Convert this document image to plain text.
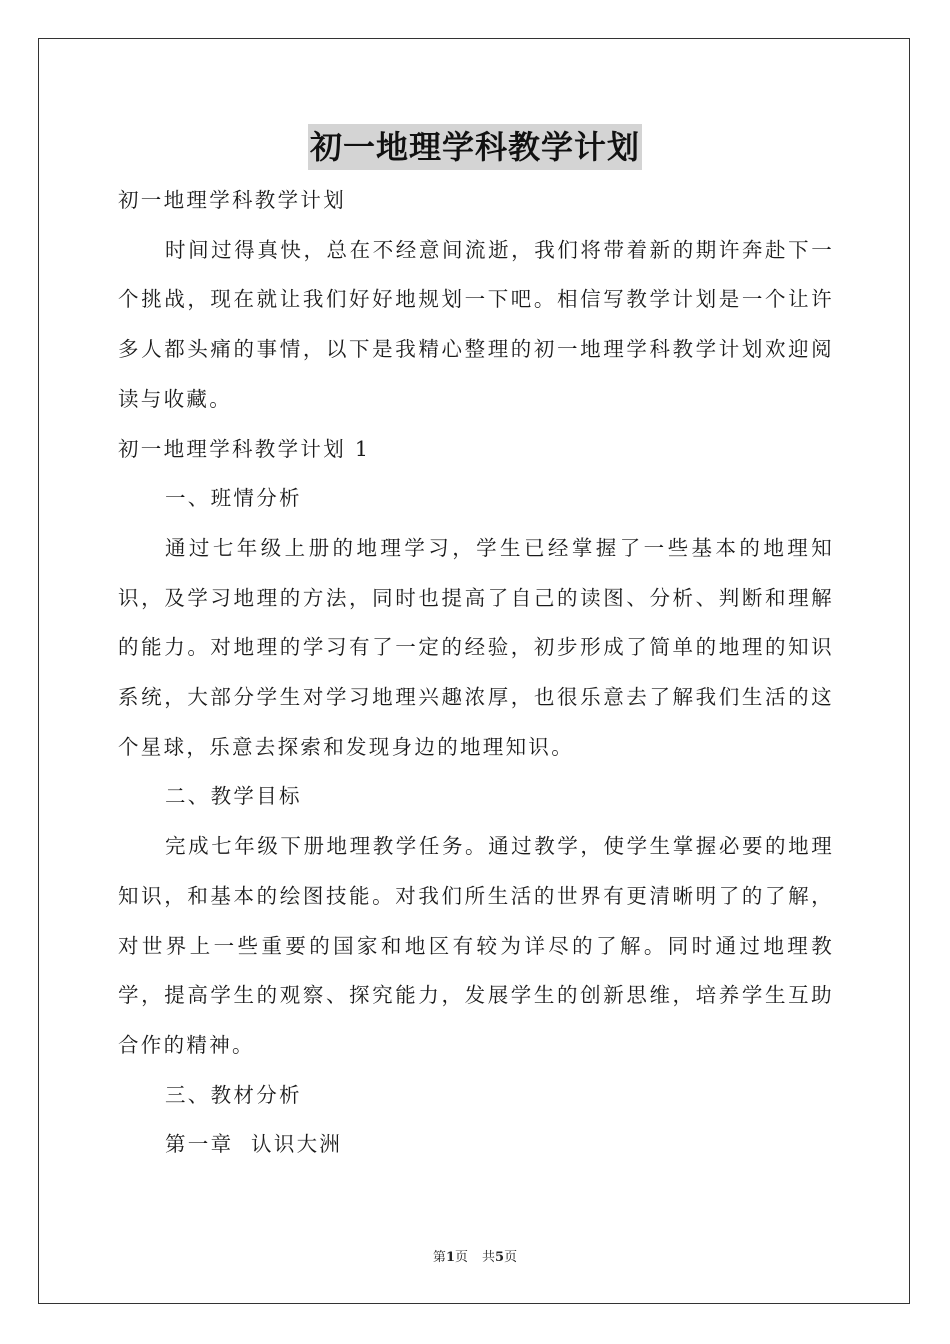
初一地理学科教学计划

初一地理学科教学计划

时间过得真快，总在不经意间流逝，我们将带着新的期许奔赴下一个挑战，现在就让我们好好地规划一下吧。相信写教学计划是一个让许多人都头痛的事情，以下是我精心整理的初一地理学科教学计划欢迎阅读与收藏。

初一地理学科教学计划 1

一、班情分析

通过七年级上册的地理学习，学生已经掌握了一些基本的地理知识，及学习地理的方法，同时也提高了自己的读图、分析、判断和理解的能力。对地理的学习有了一定的经验，初步形成了简单的地理的知识系统，大部分学生对学习地理兴趣浓厚，也很乐意去了解我们生活的这个星球，乐意去探索和发现身边的地理知识。

二、教学目标

完成七年级下册地理教学任务。通过教学，使学生掌握必要的地理知识，和基本的绘图技能。对我们所生活的世界有更清晰明了的了解，对世界上一些重要的国家和地区有较为详尽的了解。同时通过地理教学，提高学生的观察、探究能力，发展学生的创新思维，培养学生互助合作的精神。

三、教材分析

第一章  认识大洲

第1页 共5页
